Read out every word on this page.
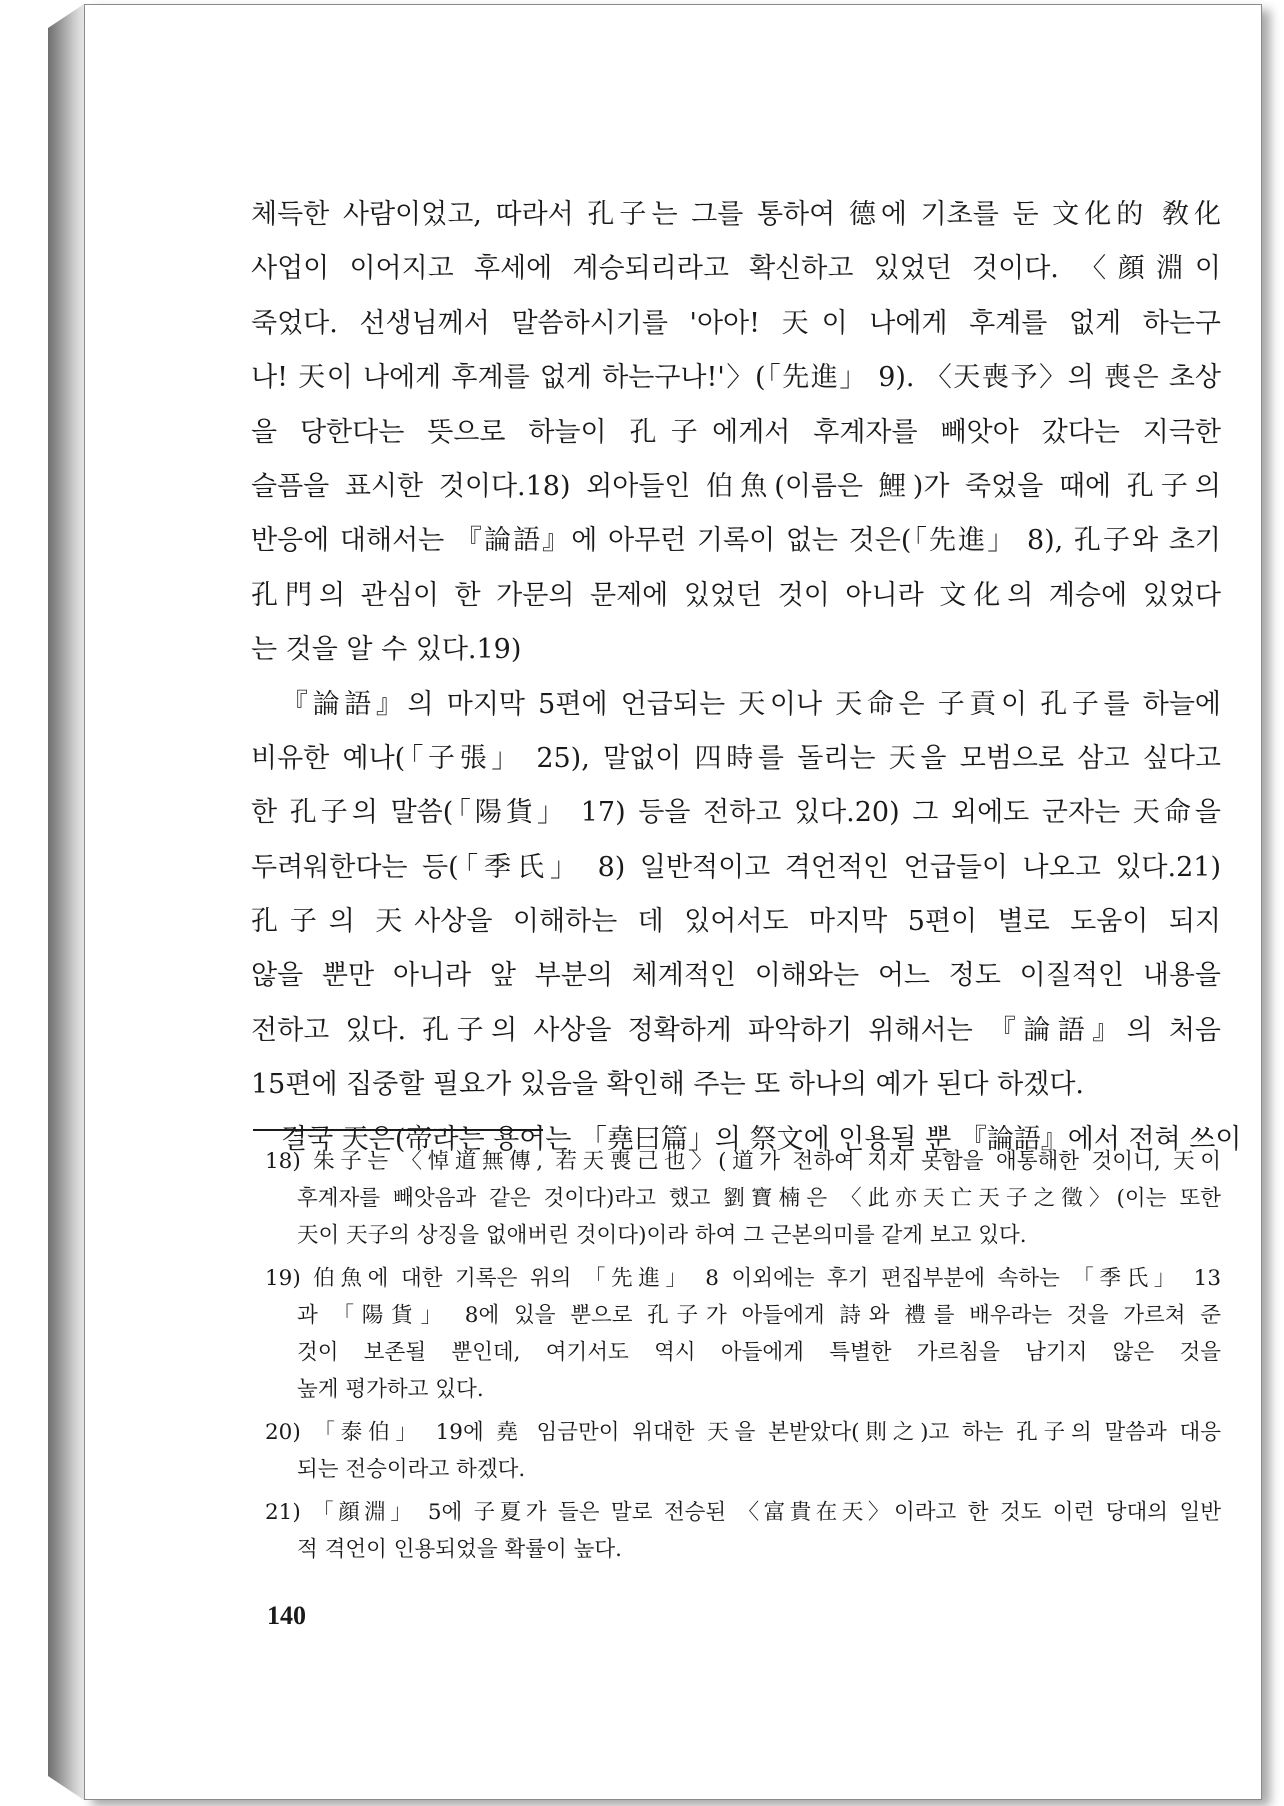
체득한 사람이었고, 따라서 孔子는 그를 통하여 德에 기초를 둔 文化的 敎化
사업이 이어지고 후세에 계승되리라고 확신하고 있었던 것이다. 〈顔淵이
죽었다. 선생님께서 말씀하시기를 '아아! 天이 나에게 후계를 없게 하는구
나! 天이 나에게 후계를 없게 하는구나!'〉(「先進」 9). 〈天喪予〉의 喪은 초상
을 당한다는 뜻으로 하늘이 孔子에게서 후계자를 빼앗아 갔다는 지극한
슬픔을 표시한 것이다.18) 외아들인 伯魚(이름은 鯉)가 죽었을 때에 孔子의
반응에 대해서는 『論語』에 아무런 기록이 없는 것은(「先進」 8), 孔子와 초기
孔門의 관심이 한 가문의 문제에 있었던 것이 아니라 文化의 계승에 있었다
는 것을 알 수 있다.19)
『論語』의 마지막 5편에 언급되는 天이나 天命은 子貢이 孔子를 하늘에
비유한 예나(「子張」 25), 말없이 四時를 돌리는 天을 모범으로 삼고 싶다고
한 孔子의 말씀(「陽貨」 17) 등을 전하고 있다.20) 그 외에도 군자는 天命을
두려워한다는 등(「季氏」 8) 일반적이고 격언적인 언급들이 나오고 있다.21)
孔子의 天사상을 이해하는 데 있어서도 마지막 5편이 별로 도움이 되지
않을 뿐만 아니라 앞 부분의 체계적인 이해와는 어느 정도 이질적인 내용을
전하고 있다. 孔子의 사상을 정확하게 파악하기 위해서는 『論語』의 처음
15편에 집중할 필요가 있음을 확인해 주는 또 하나의 예가 된다 하겠다.
결국 天은(帝라는 용어는 「堯曰篇」의 祭文에 인용될 뿐 『論語』에서 전혀 쓰이
18) 朱子는 〈悼道無傳, 若天喪己也〉(道가 전하여 지지 못함을 애통해한 것이니, 天이
후계자를 빼앗음과 같은 것이다)라고 했고 劉寶楠은 〈此亦天亡天子之徵〉(이는 또한
天이 天子의 상징을 없애버린 것이다)이라 하여 그 근본의미를 같게 보고 있다.
19) 伯魚에 대한 기록은 위의 「先進」 8 이외에는 후기 편집부분에 속하는 「季氏」 13
과 「陽貨」 8에 있을 뿐으로 孔子가 아들에게 詩와 禮를 배우라는 것을 가르쳐 준
것이 보존될 뿐인데, 여기서도 역시 아들에게 특별한 가르침을 남기지 않은 것을
높게 평가하고 있다.
20) 「泰伯」 19에 堯 임금만이 위대한 天을 본받았다(則之)고 하는 孔子의 말씀과 대응
되는 전승이라고 하겠다.
21) 「顔淵」 5에 子夏가 들은 말로 전승된 〈富貴在天〉이라고 한 것도 이런 당대의 일반
적 격언이 인용되었을 확률이 높다.
140
